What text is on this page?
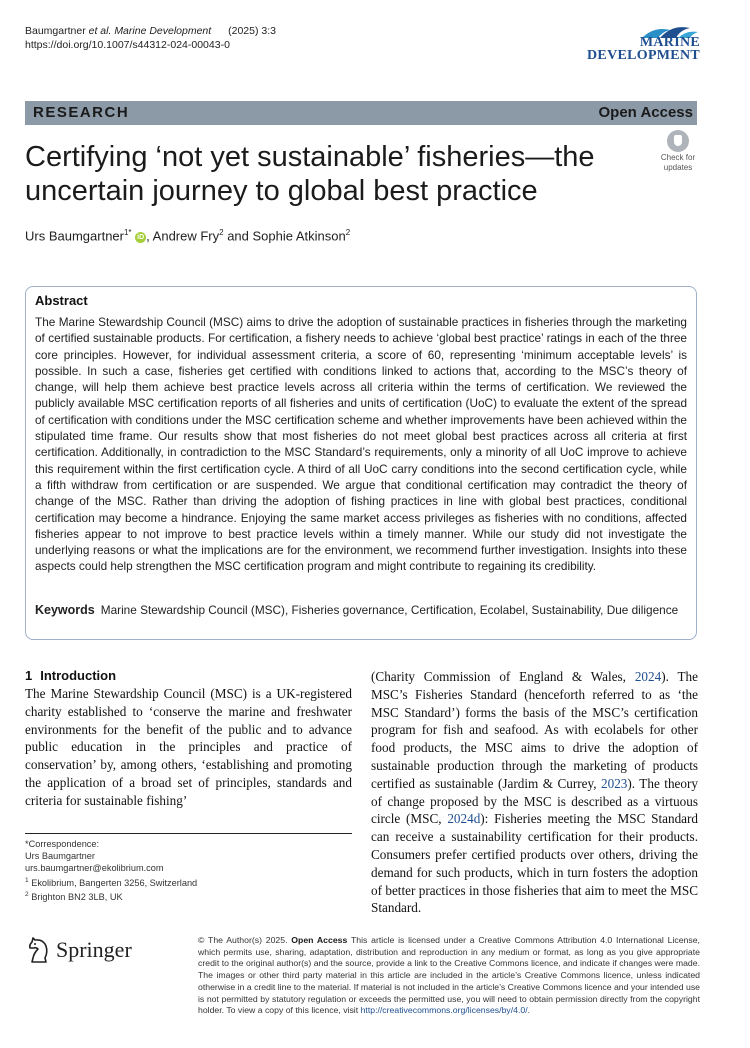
Baumgartner et al. Marine Development (2025) 3:3
https://doi.org/10.1007/s44312-024-00043-0	MARINE
DEVELOPMENT
RESEARCH	Open Access
Certifying ‘not yet sustainable’ fisheries—the uncertain journey to global best practice
Check for
updates
Urs Baumgartner$^{1*}$ iD , Andrew Fry$^2$ and Sophie Atkinson$^2$
Abstract
The Marine Stewardship Council (MSC) aims to drive the adoption of sustainable practices in fisheries through the marketing of certified sustainable products. For certification, a fishery needs to achieve ‘global best practice’ ratings in each of the three core principles. However, for individual assessment criteria, a score of 60, representing ‘minimum acceptable levels’ is possible. In such a case, fisheries get certified with conditions linked to actions that, according to the MSC’s theory of change, will help them achieve best practice levels across all criteria within the terms of certification. We reviewed the publicly available MSC certification reports of all fisheries and units of certification (UoC) to evaluate the extent of the spread of certification with conditions under the MSC certification scheme and whether improvements have been achieved within the stipulated time frame. Our results show that most fisheries do not meet global best practices across all criteria at first certification. Additionally, in contradiction to the MSC Standard’s requirements, only a minority of all UoC improve to achieve this requirement within the first certification cycle. A third of all UoC carry conditions into the second certification cycle, while a fifth withdraw from certification or are suspended. We argue that conditional certification may contradict the theory of change of the MSC. Rather than driving the adoption of fishing practices in line with global best practices, conditional certification may become a hindrance. Enjoying the same market access privileges as fisheries with no conditions, affected fisheries appear to not improve to best practice levels within a timely manner. While our study did not investigate the underlying reasons or what the implications are for the environment, we recommend further investigation. Insights into these aspects could help strengthen the MSC certification program and might contribute to regaining its credibility.
Keywords Marine Stewardship Council (MSC), Fisheries governance, Certification, Ecolabel, Sustainability, Due diligence
1 Introduction
The Marine Stewardship Council (MSC) is a UK-registered charity established to ‘conserve the marine and freshwater environments for the benefit of the public and to advance public education in the principles and practice of conservation’ by, among others, ‘establishing and promoting the application of a broad set of principles, standards and criteria for sustainable fishing’
(Charity Commission of England & Wales, 2024). The MSC’s Fisheries Standard (henceforth referred to as ‘the MSC Standard’) forms the basis of the MSC’s certification program for fish and seafood. As with ecolabels for other food products, the MSC aims to drive the adoption of sustainable production through the marketing of products certified as sustainable (Jardim & Currey, 2023). The theory of change proposed by the MSC is described as a virtuous circle (MSC, 2024d): Fisheries meeting the MSC Standard can receive a sustainability certification for their products. Consumers prefer certified products over others, driving the demand for such products, which in turn fosters the adoption of better practices in those fisheries that aim to meet the MSC Standard.
*Correspondence:
Urs Baumgartner
urs.baumgartner@ekolibrium.com
$^1$ Ekolibrium, Bangerten 3256, Switzerland
$^2$ Brighton BN2 3LB, UK
Springer	© The Author(s) 2025. Open Access This article is licensed under a Creative Commons Attribution 4.0 International License, which permits use, sharing, adaptation, distribution and reproduction in any medium or format, as long as you give appropriate credit to the original author(s) and the source, provide a link to the Creative Commons licence, and indicate if changes were made. The images or other third party material in this article are included in the article’s Creative Commons licence, unless indicated otherwise in a credit line to the material. If material is not included in the article’s Creative Commons licence and your intended use is not permitted by statutory regulation or exceeds the permitted use, you will need to obtain permission directly from the copyright holder. To view a copy of this licence, visit http://creativecommons.org/licenses/by/4.0/.
